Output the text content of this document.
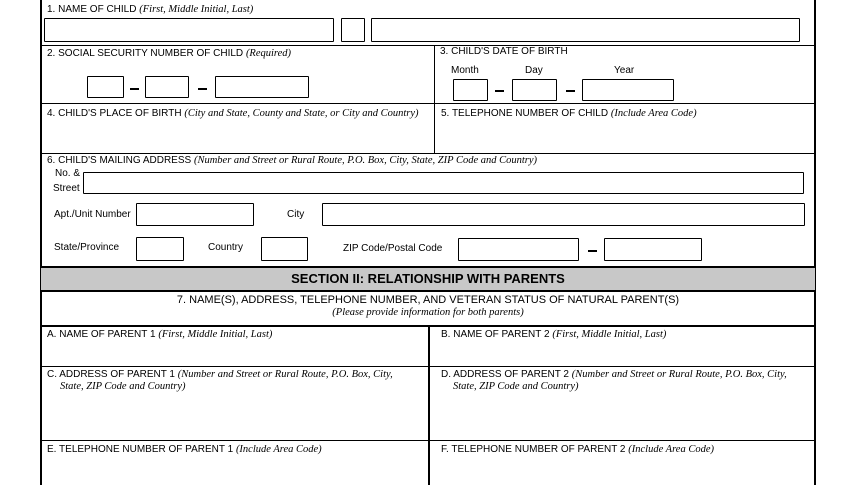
1. NAME OF CHILD (First, Middle Initial, Last)
2. SOCIAL SECURITY NUMBER OF CHILD (Required)	3. CHILD'S DATE OF BIRTH
Month	Day	Year
4. CHILD'S PLACE OF BIRTH (City and State, County and State, or City and Country) 5. TELEPHONE NUMBER OF CHILD (Include Area Code)
6. CHILD'S MAILING ADDRESS (Number and Street or Rural Route, P.O. Box, City, State, ZIP Code and Country)
No. &
Street
Apt./Unit Number	City
State/Province	Country	ZIP Code/Postal Code
SECTION II: RELATIONSHIP WITH PARENTS
7. NAME(S), ADDRESS, TELEPHONE NUMBER, AND VETERAN STATUS OF NATURAL PARENT(S)
(Please provide information for both parents)
A. NAME OF PARENT 1 (First, Middle Initial, Last)	B. NAME OF PARENT 2 (First, Middle Initial, Last)
C. ADDRESS OF PARENT 1 (Number and Street or Rural Route, P.O. Box, City,
State, ZIP Code and Country)
D. ADDRESS OF PARENT 2 (Number and Street or Rural Route, P.O. Box, City,
State, ZIP Code and Country)
E. TELEPHONE NUMBER OF PARENT 1 (Include Area Code)	F. TELEPHONE NUMBER OF PARENT 2 (Include Area Code)
